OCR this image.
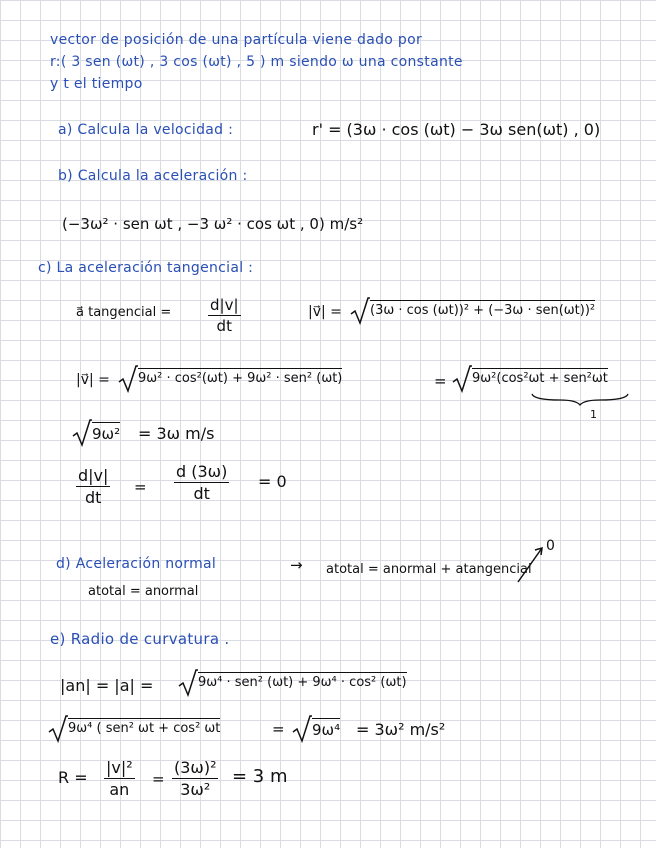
vector de posición de una partícula viene dado por
r:( 3 sen (ωt) , 3 cos (ωt) , 5 ) m siendo ω una constante
y t el tiempo
a) Calcula la velocidad :	r' = (3ω · cos (ωt) − 3ω sen(ωt) , 0)
b) Calcula la aceleración :
(−3ω² · sen ωt , −3 ω² · cos ωt , 0) m/s²
c) La aceleración tangencial :
a⃗ tangencial = $\frac{d|v|}{dt}$	|v⃗| = (3ω · cos (ωt))² + (−3ω · sen(ωt))²
|v⃗| = 9ω² · cos²(ωt) + 9ω² · sen² (ωt)	= 9ω²(cos²ωt + sen²ωt
1
9ω² = 3ω m/s
$\frac{d|v|}{dt} = \frac{d (3\omega)}{dt} = 0$
d) Aceleración normal	→ atotal = anormal + atangencial
0
atotal = anormal
e) Radio de curvatura .
|an| = |a| =	9ω⁴ · sen² (ωt) + 9ω⁴ · cos² (ωt)
9ω⁴ ( sen² ωt + cos² ωt	= 9ω⁴ = 3ω² m/s²
$R = \frac{\text{|v|²}}{an} = \frac{\text{(3ω)²}}{\text{3ω²}} = 3$ m
